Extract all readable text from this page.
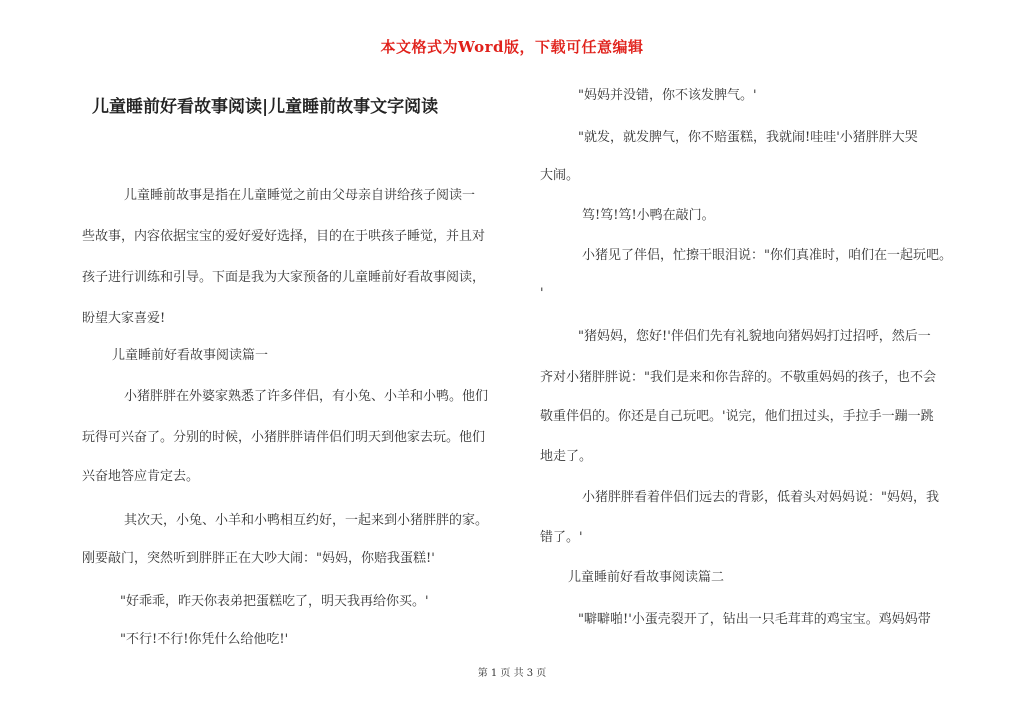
本文格式为Word版，下载可任意编辑
儿童睡前好看故事阅读|儿童睡前故事文字阅读

儿童睡前故事是指在儿童睡觉之前由父母亲自讲给孩子阅读一

些故事，内容依据宝宝的爱好爱好选择，目的在于哄孩子睡觉，并且对

孩子进行训练和引导。下面是我为大家预备的儿童睡前好看故事阅读，

盼望大家喜爱!

儿童睡前好看故事阅读篇一

小猪胖胖在外婆家熟悉了许多伴侣，有小兔、小羊和小鸭。他们

玩得可兴奋了。分别的时候，小猪胖胖请伴侣们明天到他家去玩。他们

兴奋地答应肯定去。

其次天，小兔、小羊和小鸭相互约好，一起来到小猪胖胖的家。

刚要敲门，突然听到胖胖正在大吵大闹："妈妈，你赔我蛋糕!'

"好乖乖，昨天你表弟把蛋糕吃了，明天我再给你买。'

"不行!不行!你凭什么给他吃!'

"妈妈并没错，你不该发脾气。'

"就发，就发脾气，你不赔蛋糕，我就闹!哇哇'小猪胖胖大哭

大闹。

笃!笃!笃!小鸭在敲门。

小猪见了伴侣，忙擦干眼泪说："你们真准时，咱们在一起玩吧。

'

"猪妈妈，您好!'伴侣们先有礼貌地向猪妈妈打过招呼，然后一

齐对小猪胖胖说："我们是来和你告辞的。不敬重妈妈的孩子，也不会

敬重伴侣的。你还是自己玩吧。'说完，他们扭过头，手拉手一蹦一跳

地走了。

小猪胖胖看着伴侣们远去的背影，低着头对妈妈说："妈妈，我

错了。'

儿童睡前好看故事阅读篇二

"噼噼啪!'小蛋壳裂开了，钻出一只毛茸茸的鸡宝宝。鸡妈妈带

第 1 页 共 3 页
